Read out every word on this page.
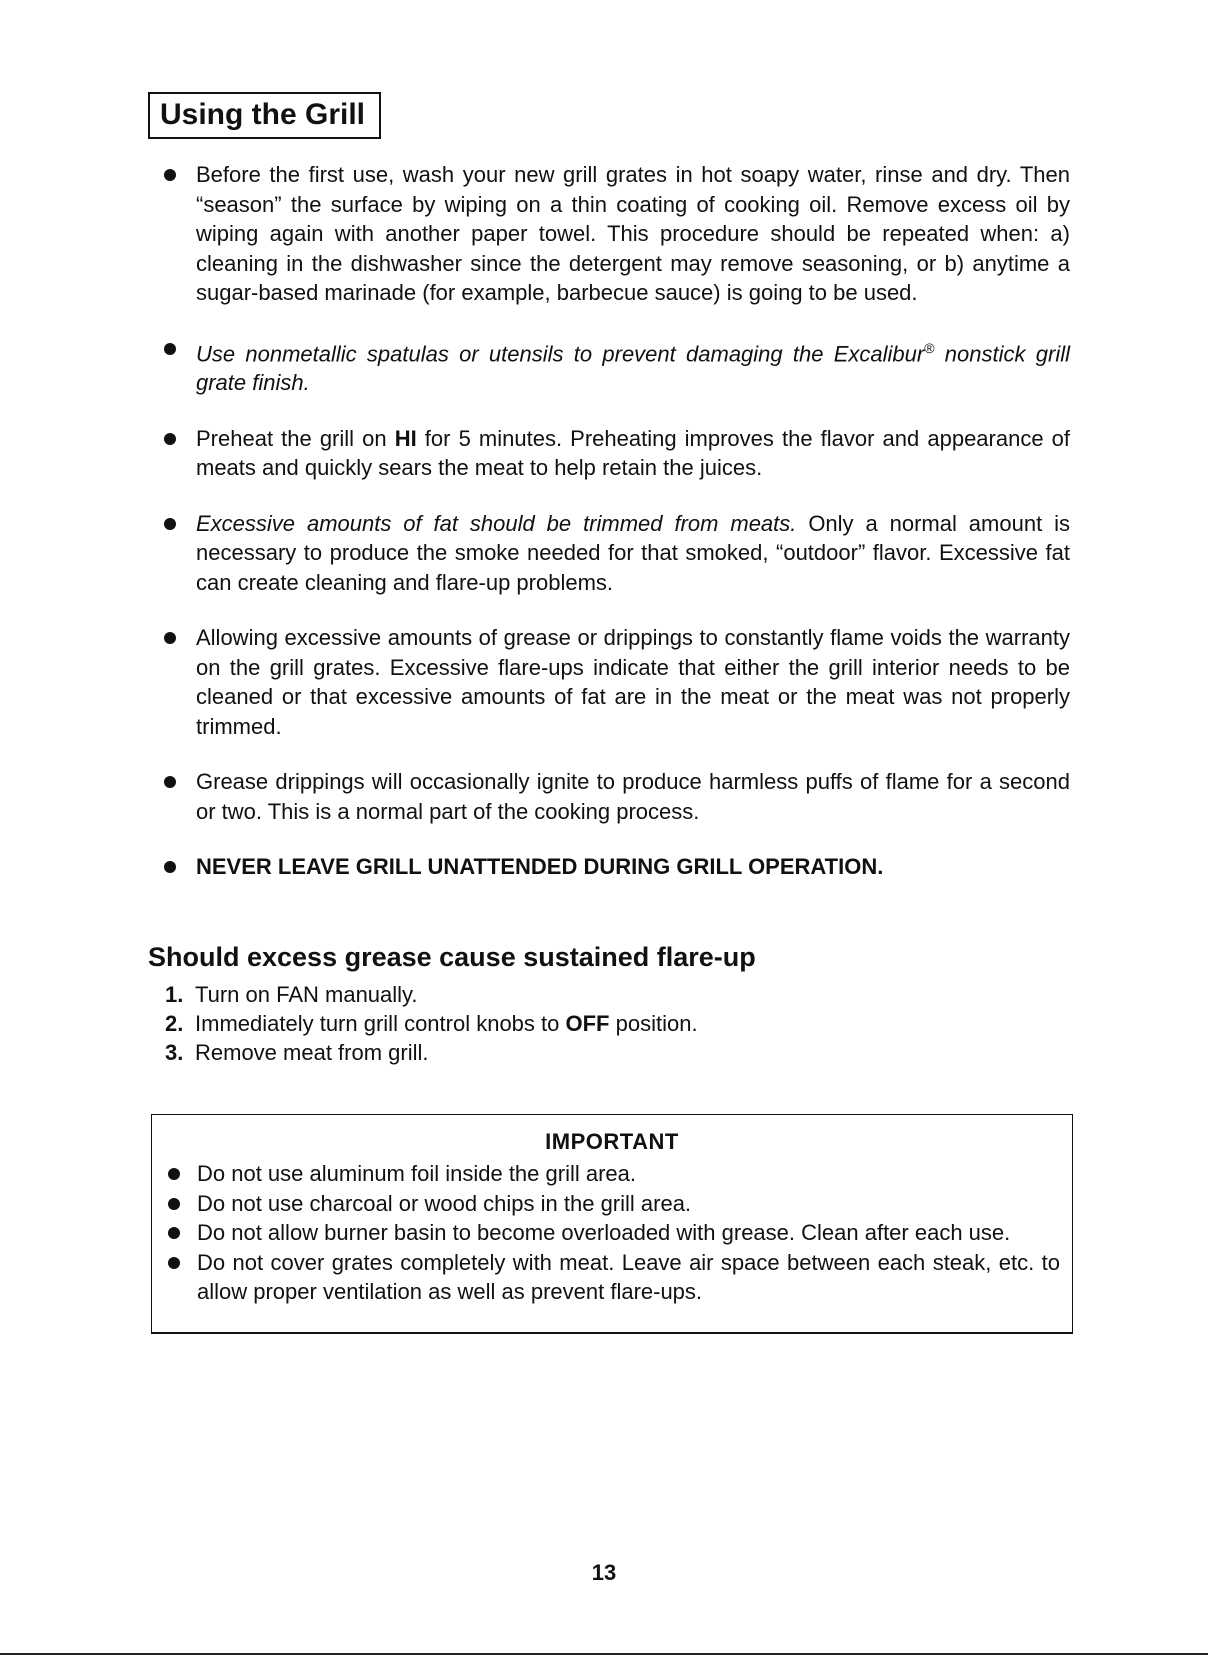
Using the Grill
Before the first use, wash your new grill grates in hot soapy water, rinse and dry. Then “season” the surface by wiping on a thin coating of cooking oil. Remove excess oil by wiping again with another paper towel. This procedure should be repeated when: a) cleaning in the dishwasher since the detergent may remove seasoning, or b) anytime a sugar-based marinade (for example, barbecue sauce) is going to be used.
Use nonmetallic spatulas or utensils to prevent damaging the Excalibur® nonstick grill grate finish.
Preheat the grill on HI for 5 minutes. Preheating improves the flavor and appearance of meats and quickly sears the meat to help retain the juices.
Excessive amounts of fat should be trimmed from meats. Only a normal amount is necessary to produce the smoke needed for that smoked, “outdoor” flavor. Excessive fat can create cleaning and flare-up problems.
Allowing excessive amounts of grease or drippings to constantly flame voids the warranty on the grill grates. Excessive flare-ups indicate that either the grill interior needs to be cleaned or that excessive amounts of fat are in the meat or the meat was not properly trimmed.
Grease drippings will occasionally ignite to produce harmless puffs of flame for a second or two. This is a normal part of the cooking process.
NEVER LEAVE GRILL UNATTENDED DURING GRILL OPERATION.
Should excess grease cause sustained flare-up
1. Turn on FAN manually.
2. Immediately turn grill control knobs to OFF position.
3. Remove meat from grill.
IMPORTANT
Do not use aluminum foil inside the grill area.
Do not use charcoal or wood chips in the grill area.
Do not allow burner basin to become overloaded with grease. Clean after each use.
Do not cover grates completely with meat. Leave air space between each steak, etc. to allow proper ventilation as well as prevent flare-ups.
13
